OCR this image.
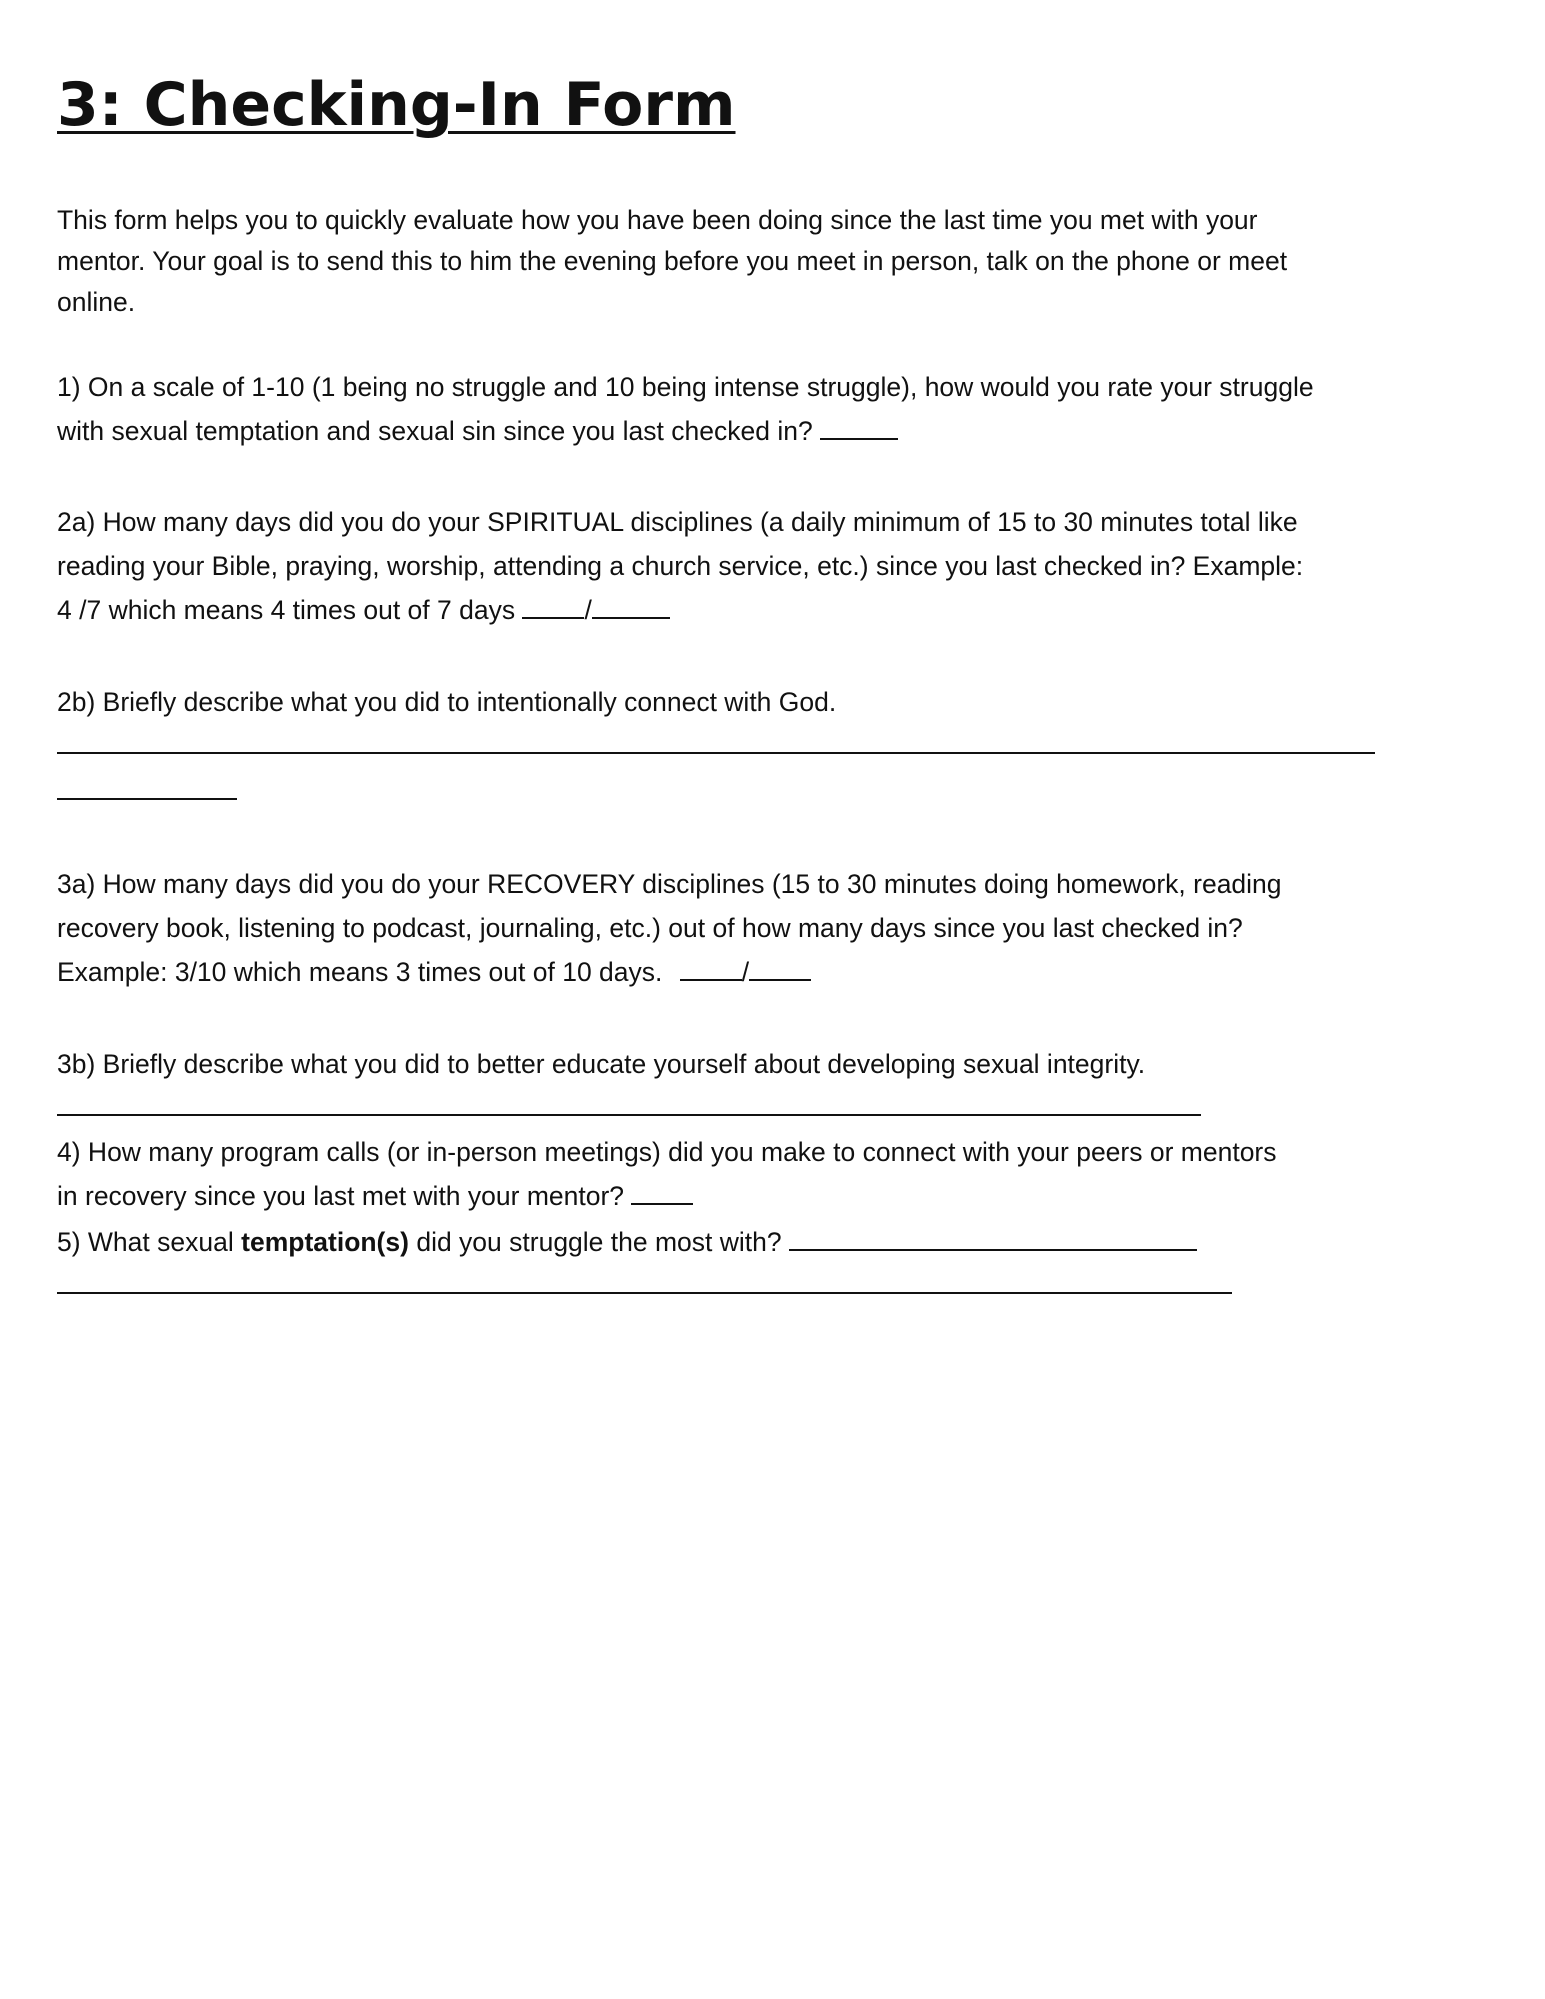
3: Checking-In Form
This form helps you to quickly evaluate how you have been doing since the last time you met with your
mentor. Your goal is to send this to him the evening before you meet in person, talk on the phone or meet
online.
1) On a scale of 1-10 (1 being no struggle and 10 being intense struggle), how would you rate your struggle
with sexual temptation and sexual sin since you last checked in?
2a) How many days did you do your SPIRITUAL disciplines (a daily minimum of 15 to 30 minutes total like
reading your Bible, praying, worship, attending a church service, etc.) since you last checked in? Example:
4 /7 which means 4 times out of 7 days	/
2b) Briefly describe what you did to intentionally connect with God.
3a) How many days did you do your RECOVERY disciplines (15 to 30 minutes doing homework, reading
recovery book, listening to podcast, journaling, etc.) out of how many days since you last checked in?
Example: 3/10 which means 3 times out of 10 days.	/
3b) Briefly describe what you did to better educate yourself about developing sexual integrity.
4) How many program calls (or in-person meetings) did you make to connect with your peers or mentors
in recovery since you last met with your mentor?
5) What sexual temptation(s) did you struggle the most with?
